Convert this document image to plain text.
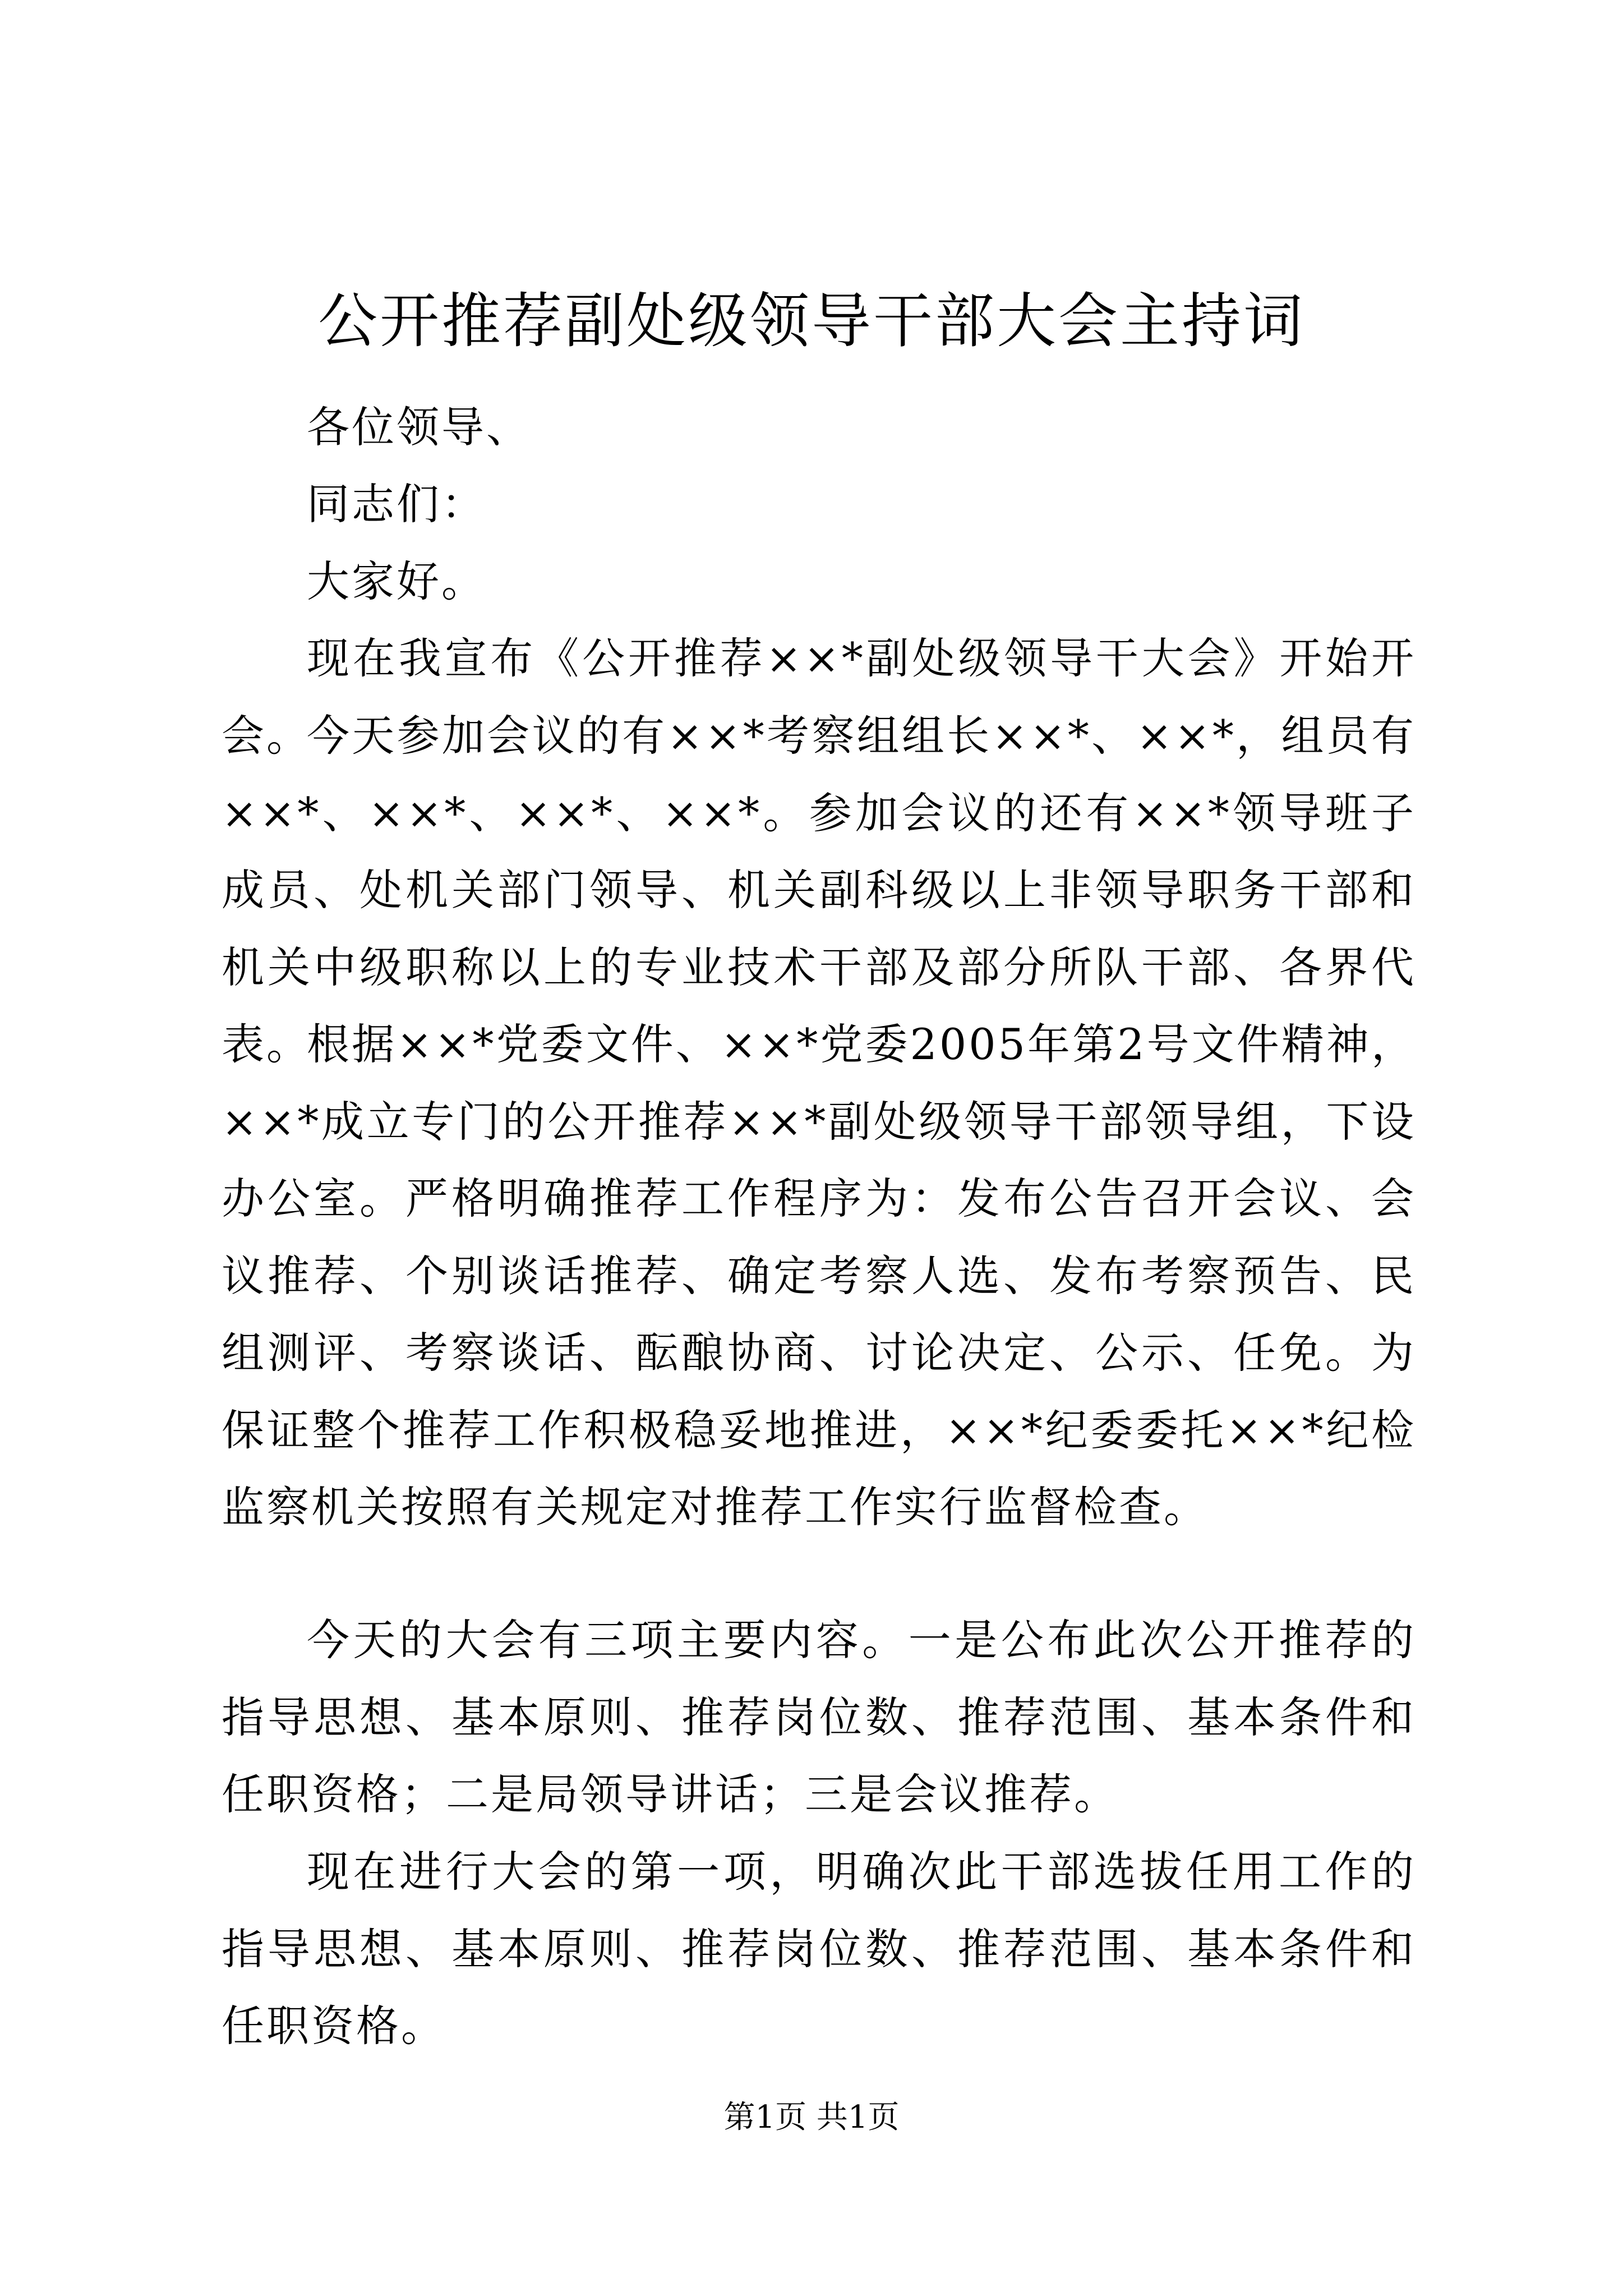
公开推荐副处级领导干部大会主持词

各位领导、

同志们：

大家好。

现在我宣布《公开推荐××*副处级领导干大会》开始开会。

今天参加会议的有××*考察组组长××*、××*，组员有××*、××*、××*、××*。参加会议的还有××*领导班子成员、处机关部门领导、机关副科级以上非领导职务干部和机关中级职称以上的专业技术干部及部分所队干部、各界代表。

根据××*党委文件、××*党委2005年第2号文件精神，××*成立专门的公开推荐××*副处级领导干部领导组，下设办公室。严格明确推荐工作程序为：发布公告召开会议、会议推荐、个别谈话推荐、确定考察人选、发布考察预告、民组测评、考察谈话、酝酿协商、讨论决定、公示、任免。为保证整个推荐工作积极稳妥地推进，××*纪委委托××*纪检监察机关按照有关规定对推荐工作实行监督检查。

今天的大会有三项主要内容。一是公布此次公开推荐的指导思想、基本原则、推荐岗位数、推荐范围、基本条件和任职资格；二是局领导讲话；三是会议推荐。

现在进行大会的第一项，明确次此干部选拔任用工作的指导思想、基本原则、推荐岗位数、推荐范围、基本条件和任职资格。

第1页 共1页
